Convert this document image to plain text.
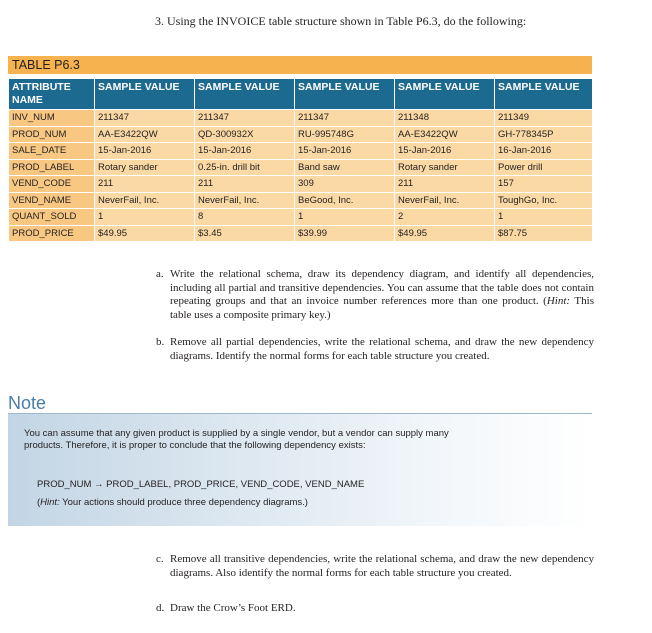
3. Using the INVOICE table structure shown in Table P6.3, do the following:
TABLE P6.3
ATTRIBUTE NAME	SAMPLE VALUE	SAMPLE VALUE	SAMPLE VALUE	SAMPLE VALUE	SAMPLE VALUE
INV_NUM	211347	211347	211347	211348	211349
PROD_NUM	AA-E3422QW	QD-300932X	RU-995748G	AA-E3422QW	GH-778345P
SALE_DATE	15-Jan-2016	15-Jan-2016	15-Jan-2016	15-Jan-2016	16-Jan-2016
PROD_LABEL	Rotary sander	0.25-in. drill bit	Band saw	Rotary sander	Power drill
VEND_CODE	211	211	309	211	157
VEND_NAME	NeverFail, Inc.	NeverFail, Inc.	BeGood, Inc.	NeverFail, Inc.	ToughGo, Inc.
QUANT_SOLD	1	8	1	2	1
PROD_PRICE	$49.95	$3.45	$39.99	$49.95	$87.75
a. Write the relational schema, draw its dependency diagram, and identify all dependencies, including all partial and transitive dependencies. You can assume that the table does not contain repeating groups and that an invoice number references more than one product. (Hint: This table uses a composite primary key.)
b. Remove all partial dependencies, write the relational schema, and draw the new dependency diagrams. Identify the normal forms for each table structure you created.
Note
You can assume that any given product is supplied by a single vendor, but a vendor can supply many products. Therefore, it is proper to conclude that the following dependency exists:
PROD_NUM → PROD_LABEL, PROD_PRICE, VEND_CODE, VEND_NAME
(Hint: Your actions should produce three dependency diagrams.)
c. Remove all transitive dependencies, write the relational schema, and draw the new dependency diagrams. Also identify the normal forms for each table structure you created.
d. Draw the Crow’s Foot ERD.
